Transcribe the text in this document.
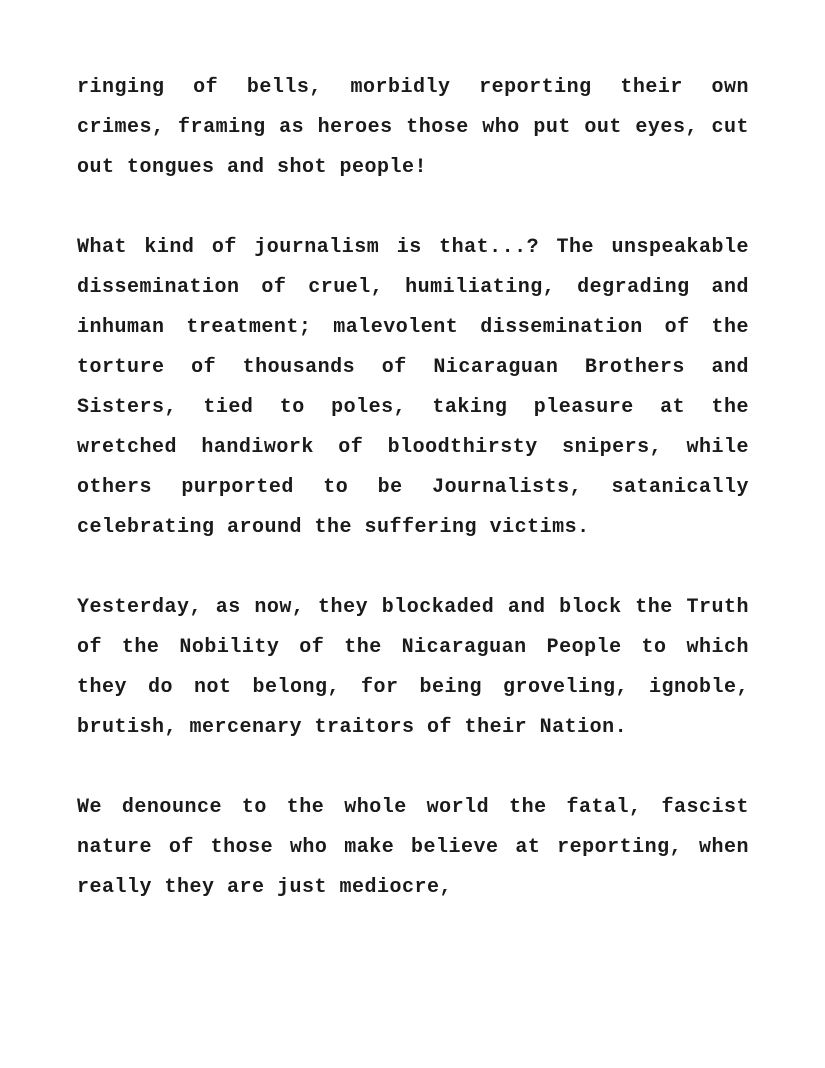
ringing of bells, morbidly reporting their own crimes, framing as heroes those who put out eyes, cut out tongues and shot people!

What kind of journalism is that...? The unspeakable dissemination of cruel, humiliating, degrading and inhuman treatment; malevolent dissemination of the torture of thousands of Nicaraguan Brothers and Sisters, tied to poles, taking pleasure at the wretched handiwork of bloodthirsty snipers, while others purported to be Journalists, satanically celebrating around the suffering victims.

Yesterday, as now, they blockaded and block the Truth of the Nobility of the Nicaraguan People to which they do not belong, for being groveling, ignoble, brutish, mercenary traitors of their Nation.

We denounce to the whole world the fatal, fascist nature of those who make believe at reporting, when really they are just mediocre,
